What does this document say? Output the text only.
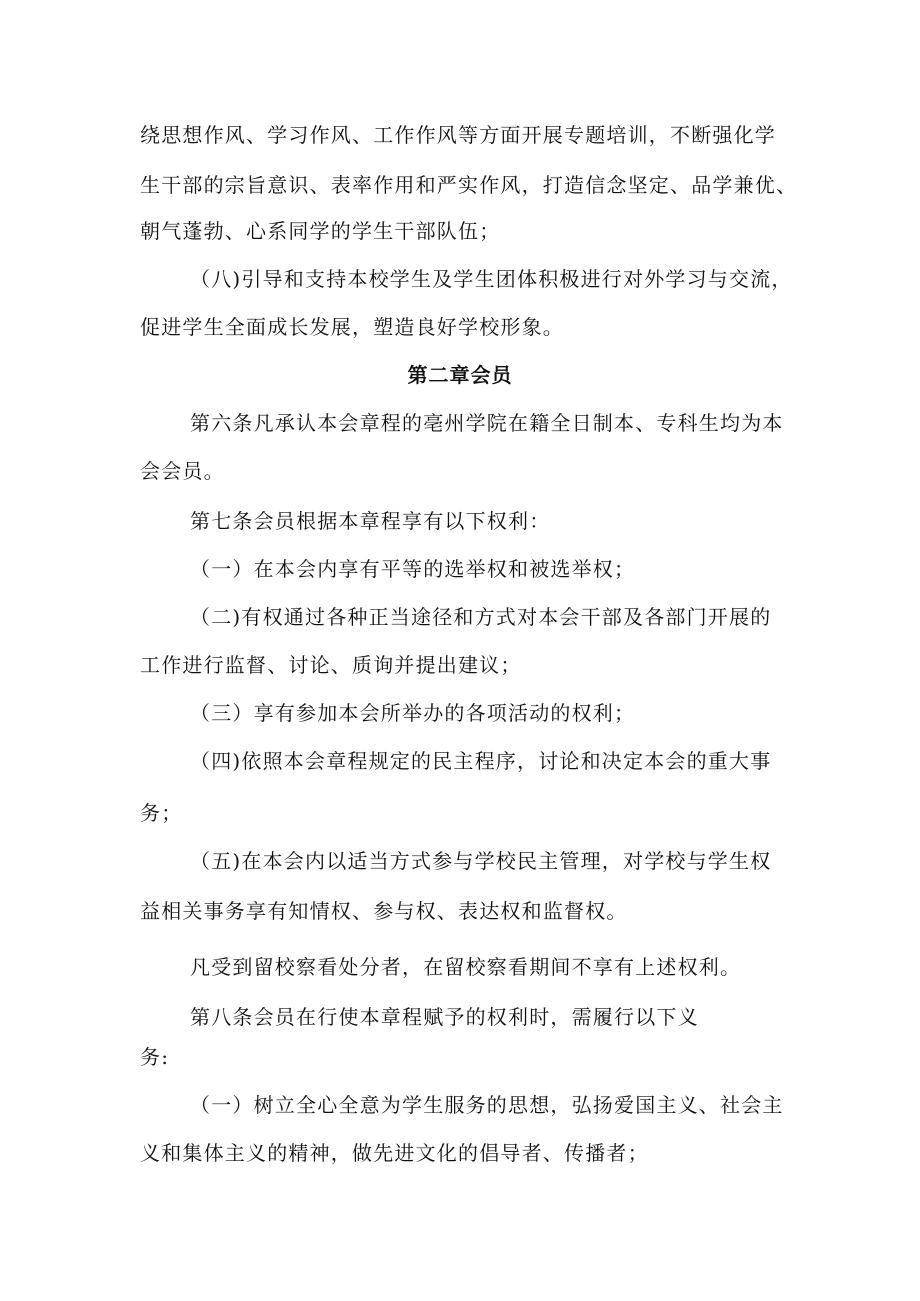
绕思想作风、学习作风、工作作风等方面开展专题培训，不断强化学
生干部的宗旨意识、表率作用和严实作风，打造信念坚定、品学兼优、
朝气蓬勃、心系同学的学生干部队伍；
（八)引导和支持本校学生及学生团体积极进行对外学习与交流，
促进学生全面成长发展，塑造良好学校形象。
第二章会员
第六条凡承认本会章程的亳州学院在籍全日制本、专科生均为本
会会员。
第七条会员根据本章程享有以下权利：
（一）在本会内享有平等的选举权和被选举权；
（二)有权通过各种正当途径和方式对本会干部及各部门开展的
工作进行监督、讨论、质询并提出建议；
（三）享有参加本会所举办的各项活动的权利；
（四)依照本会章程规定的民主程序，讨论和决定本会的重大事
务；
（五)在本会内以适当方式参与学校民主管理，对学校与学生权
益相关事务享有知情权、参与权、表达权和监督权。
凡受到留校察看处分者，在留校察看期间不享有上述权利。
第八条会员在行使本章程赋予的权利时，需履行以下义
务:
（一）树立全心全意为学生服务的思想，弘扬爱国主义、社会主
义和集体主义的精神，做先进文化的倡导者、传播者；
